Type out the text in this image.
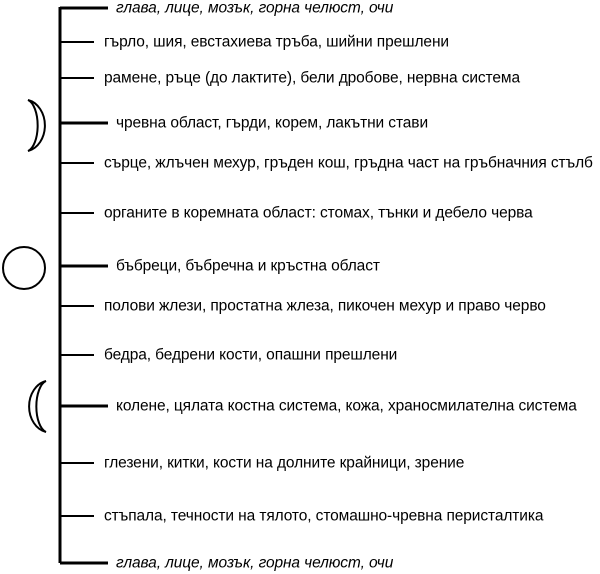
глава, лице, мозък, горна челюст, очи
гърло, шия, евстахиева тръба, шийни прешлени
рамене, ръце (до лактите), бели дробове, нервна система
чревна област, гърди, корем, лакътни стави
сърце, жлъчен мехур, гръден кош, гръдна част на гръбначния стълб
органите в коремната област: стомах, тънки и дебело черва
бъбреци, бъбречна и кръстна област
полови жлези, простатна жлеза, пикочен мехур и право черво
бедра, бедрени кости, опашни прешлени
колене, цялата костна система, кожа, храносмилателна система
глезени, китки, кости на долните крайници, зрение
стъпала, течности на тялото, стомашно-чревна перисталтика
глава, лице, мозък, горна челюст, очи
